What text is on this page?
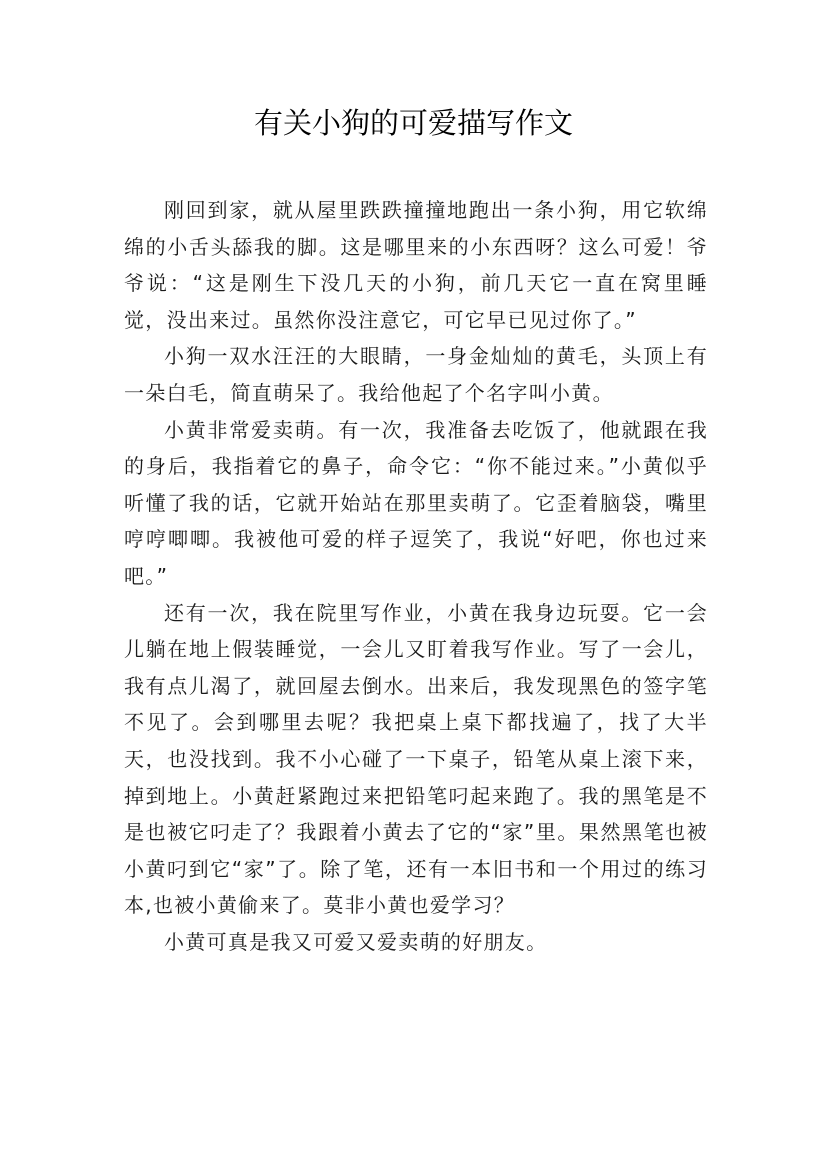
有关小狗的可爱描写作文

刚回到家，就从屋里跌跌撞撞地跑出一条小狗，用它软绵绵的小舌头舔我的脚。这是哪里来的小东西呀？这么可爱！爷爷说：“这是刚生下没几天的小狗，前几天它一直在窝里睡觉，没出来过。虽然你没注意它，可它早已见过你了。”

小狗一双水汪汪的大眼睛，一身金灿灿的黄毛，头顶上有一朵白毛，简直萌呆了。我给他起了个名字叫小黄。

小黄非常爱卖萌。有一次，我准备去吃饭了，他就跟在我的身后，我指着它的鼻子，命令它：“你不能过来。”小黄似乎听懂了我的话，它就开始站在那里卖萌了。它歪着脑袋，嘴里哼哼唧唧。我被他可爱的样子逗笑了，我说“好吧，你也过来吧。”

还有一次，我在院里写作业，小黄在我身边玩耍。它一会儿躺在地上假装睡觉，一会儿又盯着我写作业。写了一会儿，我有点儿渴了，就回屋去倒水。出来后，我发现黑色的签字笔不见了。会到哪里去呢？我把桌上桌下都找遍了，找了大半天，也没找到。我不小心碰了一下桌子，铅笔从桌上滚下来，掉到地上。小黄赶紧跑过来把铅笔叼起来跑了。我的黑笔是不是也被它叼走了？我跟着小黄去了它的“家”里。果然黑笔也被小黄叼到它“家”了。除了笔，还有一本旧书和一个用过的练习本,也被小黄偷来了。莫非小黄也爱学习？

小黄可真是我又可爱又爱卖萌的好朋友。
